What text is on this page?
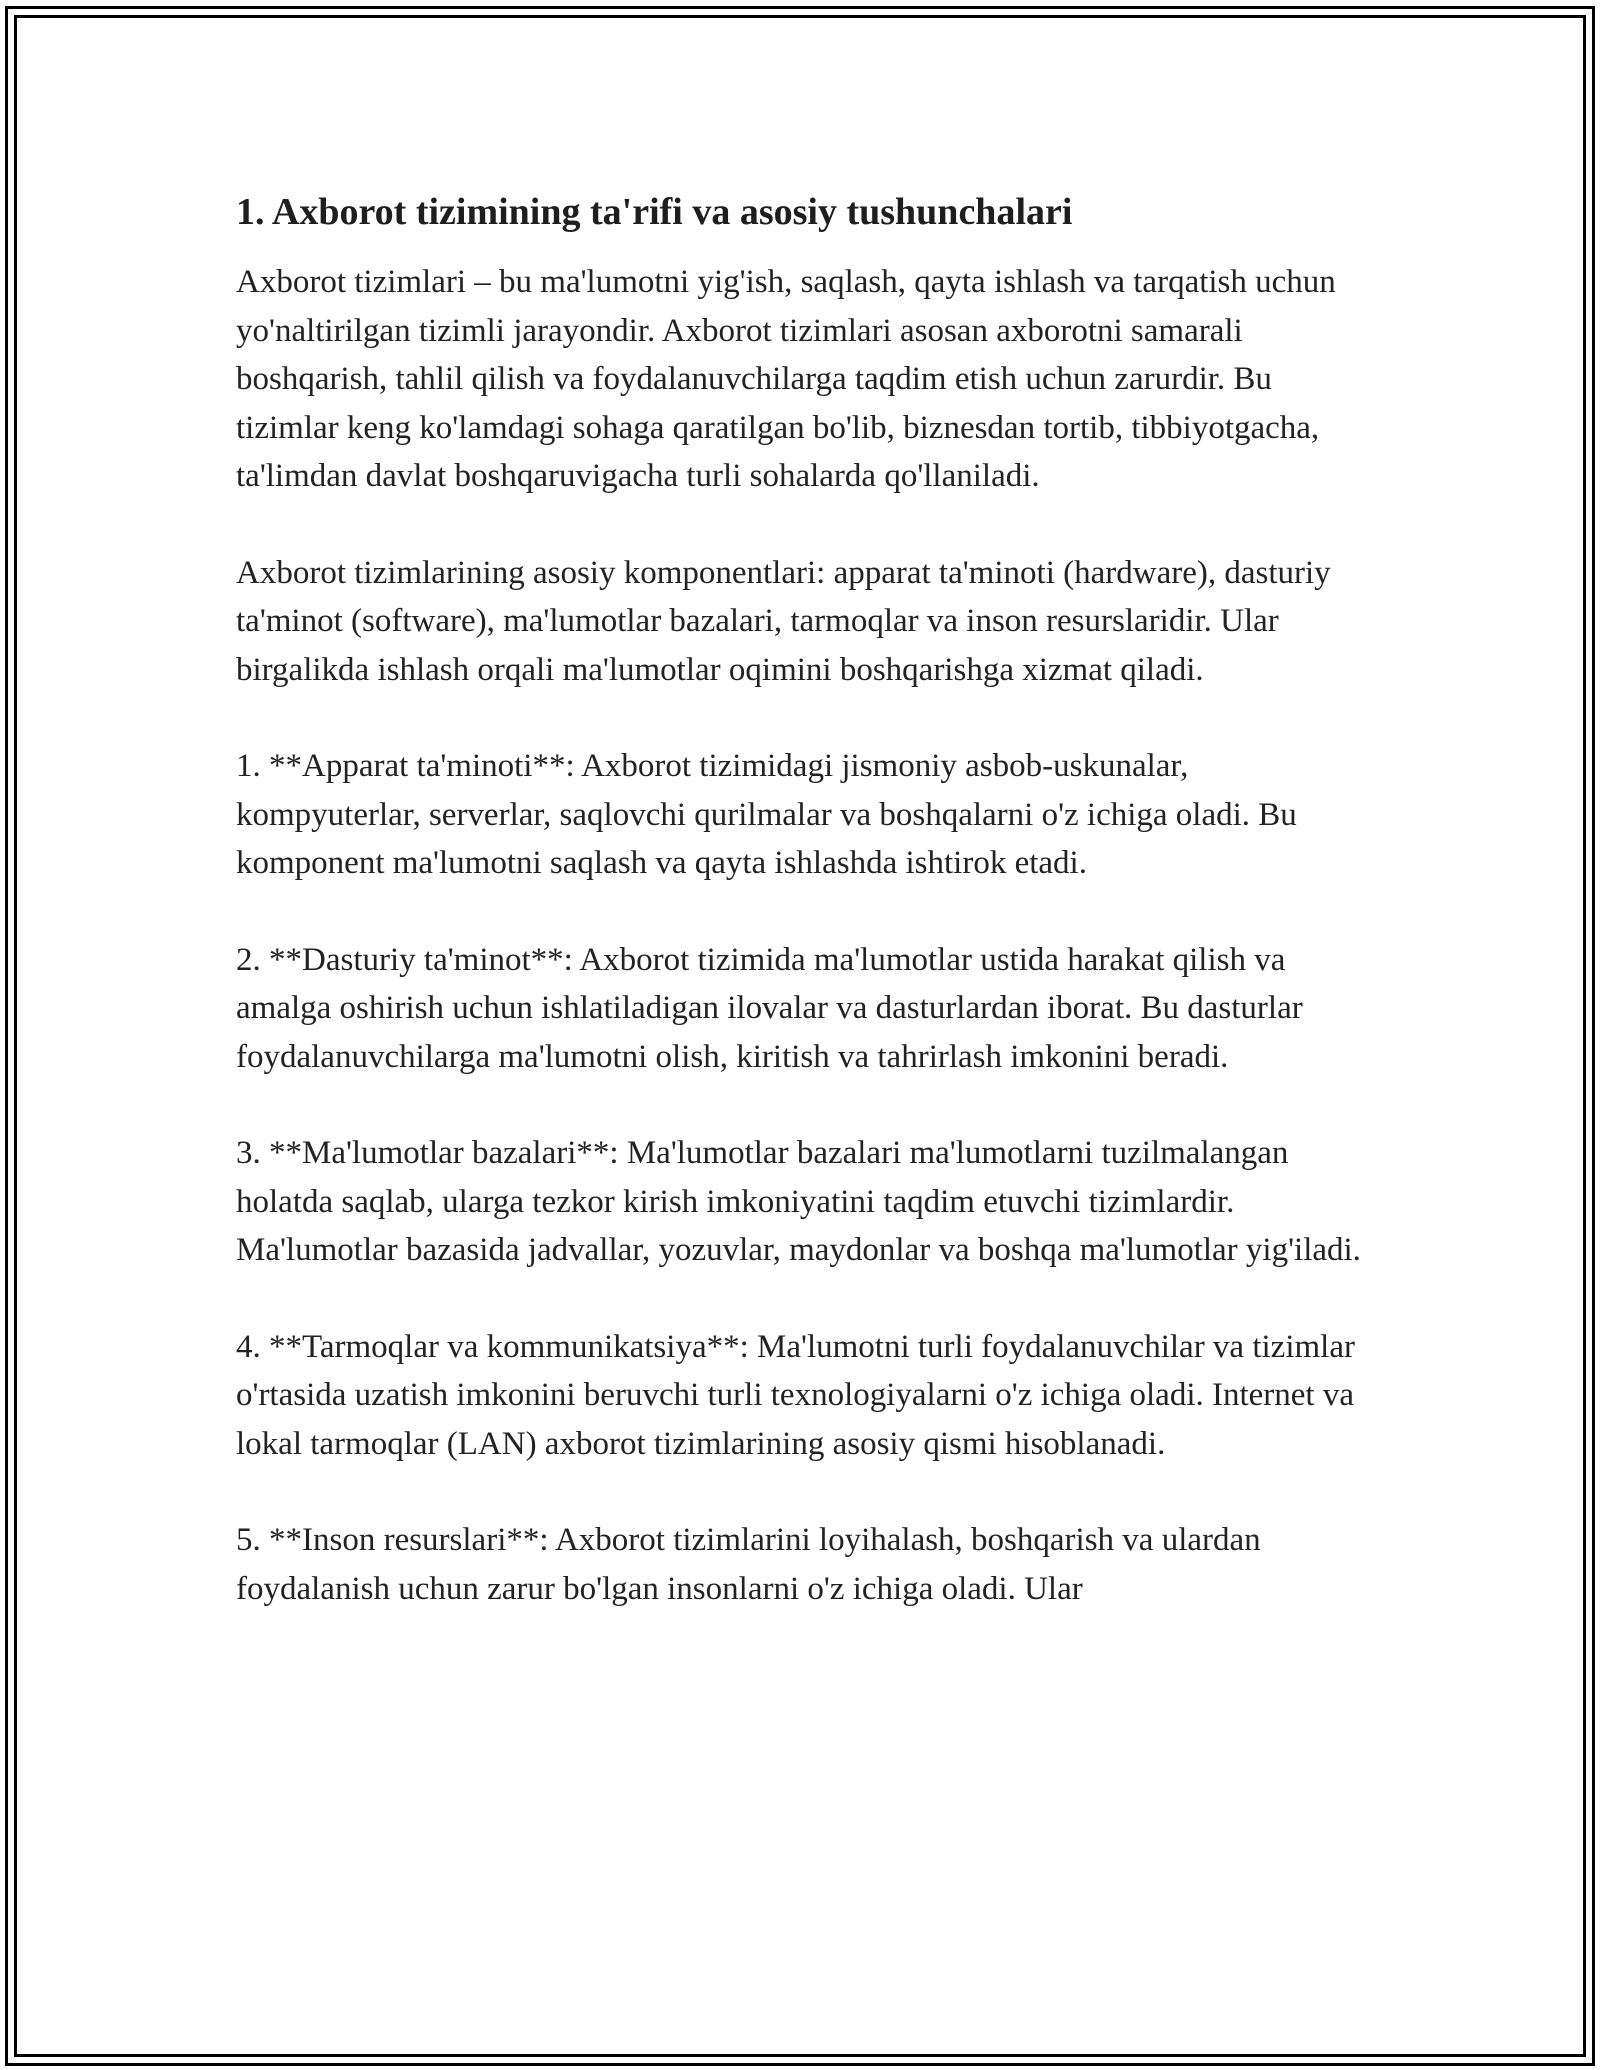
1. Axborot tizimining ta'rifi va asosiy tushunchalari

Axborot tizimlari – bu ma'lumotni yig'ish, saqlash, qayta ishlash va tarqatish uchun yo'naltirilgan tizimli jarayondir. Axborot tizimlari asosan axborotni samarali boshqarish, tahlil qilish va foydalanuvchilarga taqdim etish uchun zarurdir. Bu tizimlar keng ko'lamdagi sohaga qaratilgan bo'lib, biznesdan tortib, tibbiyotgacha, ta'limdan davlat boshqaruvigacha turli sohalarda qo'llaniladi.

Axborot tizimlarining asosiy komponentlari: apparat ta'minoti (hardware), dasturiy ta'minot (software), ma'lumotlar bazalari, tarmoqlar va inson resurslaridir. Ular birgalikda ishlash orqali ma'lumotlar oqimini boshqarishga xizmat qiladi.

1. **Apparat ta'minoti**: Axborot tizimidagi jismoniy asbob-uskunalar, kompyuterlar, serverlar, saqlovchi qurilmalar va boshqalarni o'z ichiga oladi. Bu komponent ma'lumotni saqlash va qayta ishlashda ishtirok etadi.

2. **Dasturiy ta'minot**: Axborot tizimida ma'lumotlar ustida harakat qilish va amalga oshirish uchun ishlatiladigan ilovalar va dasturlardan iborat. Bu dasturlar foydalanuvchilarga ma'lumotni olish, kiritish va tahrirlash imkonini beradi.

3. **Ma'lumotlar bazalari**: Ma'lumotlar bazalari ma'lumotlarni tuzilmalangan holatda saqlab, ularga tezkor kirish imkoniyatini taqdim etuvchi tizimlardir. Ma'lumotlar bazasida jadvallar, yozuvlar, maydonlar va boshqa ma'lumotlar yig'iladi.

4. **Tarmoqlar va kommunikatsiya**: Ma'lumotni turli foydalanuvchilar va tizimlar o'rtasida uzatish imkonini beruvchi turli texnologiyalarni o'z ichiga oladi. Internet va lokal tarmoqlar (LAN) axborot tizimlarining asosiy qismi hisoblanadi.

5. **Inson resurslari**: Axborot tizimlarini loyihalash, boshqarish va ulardan foydalanish uchun zarur bo'lgan insonlarni o'z ichiga oladi. Ular
